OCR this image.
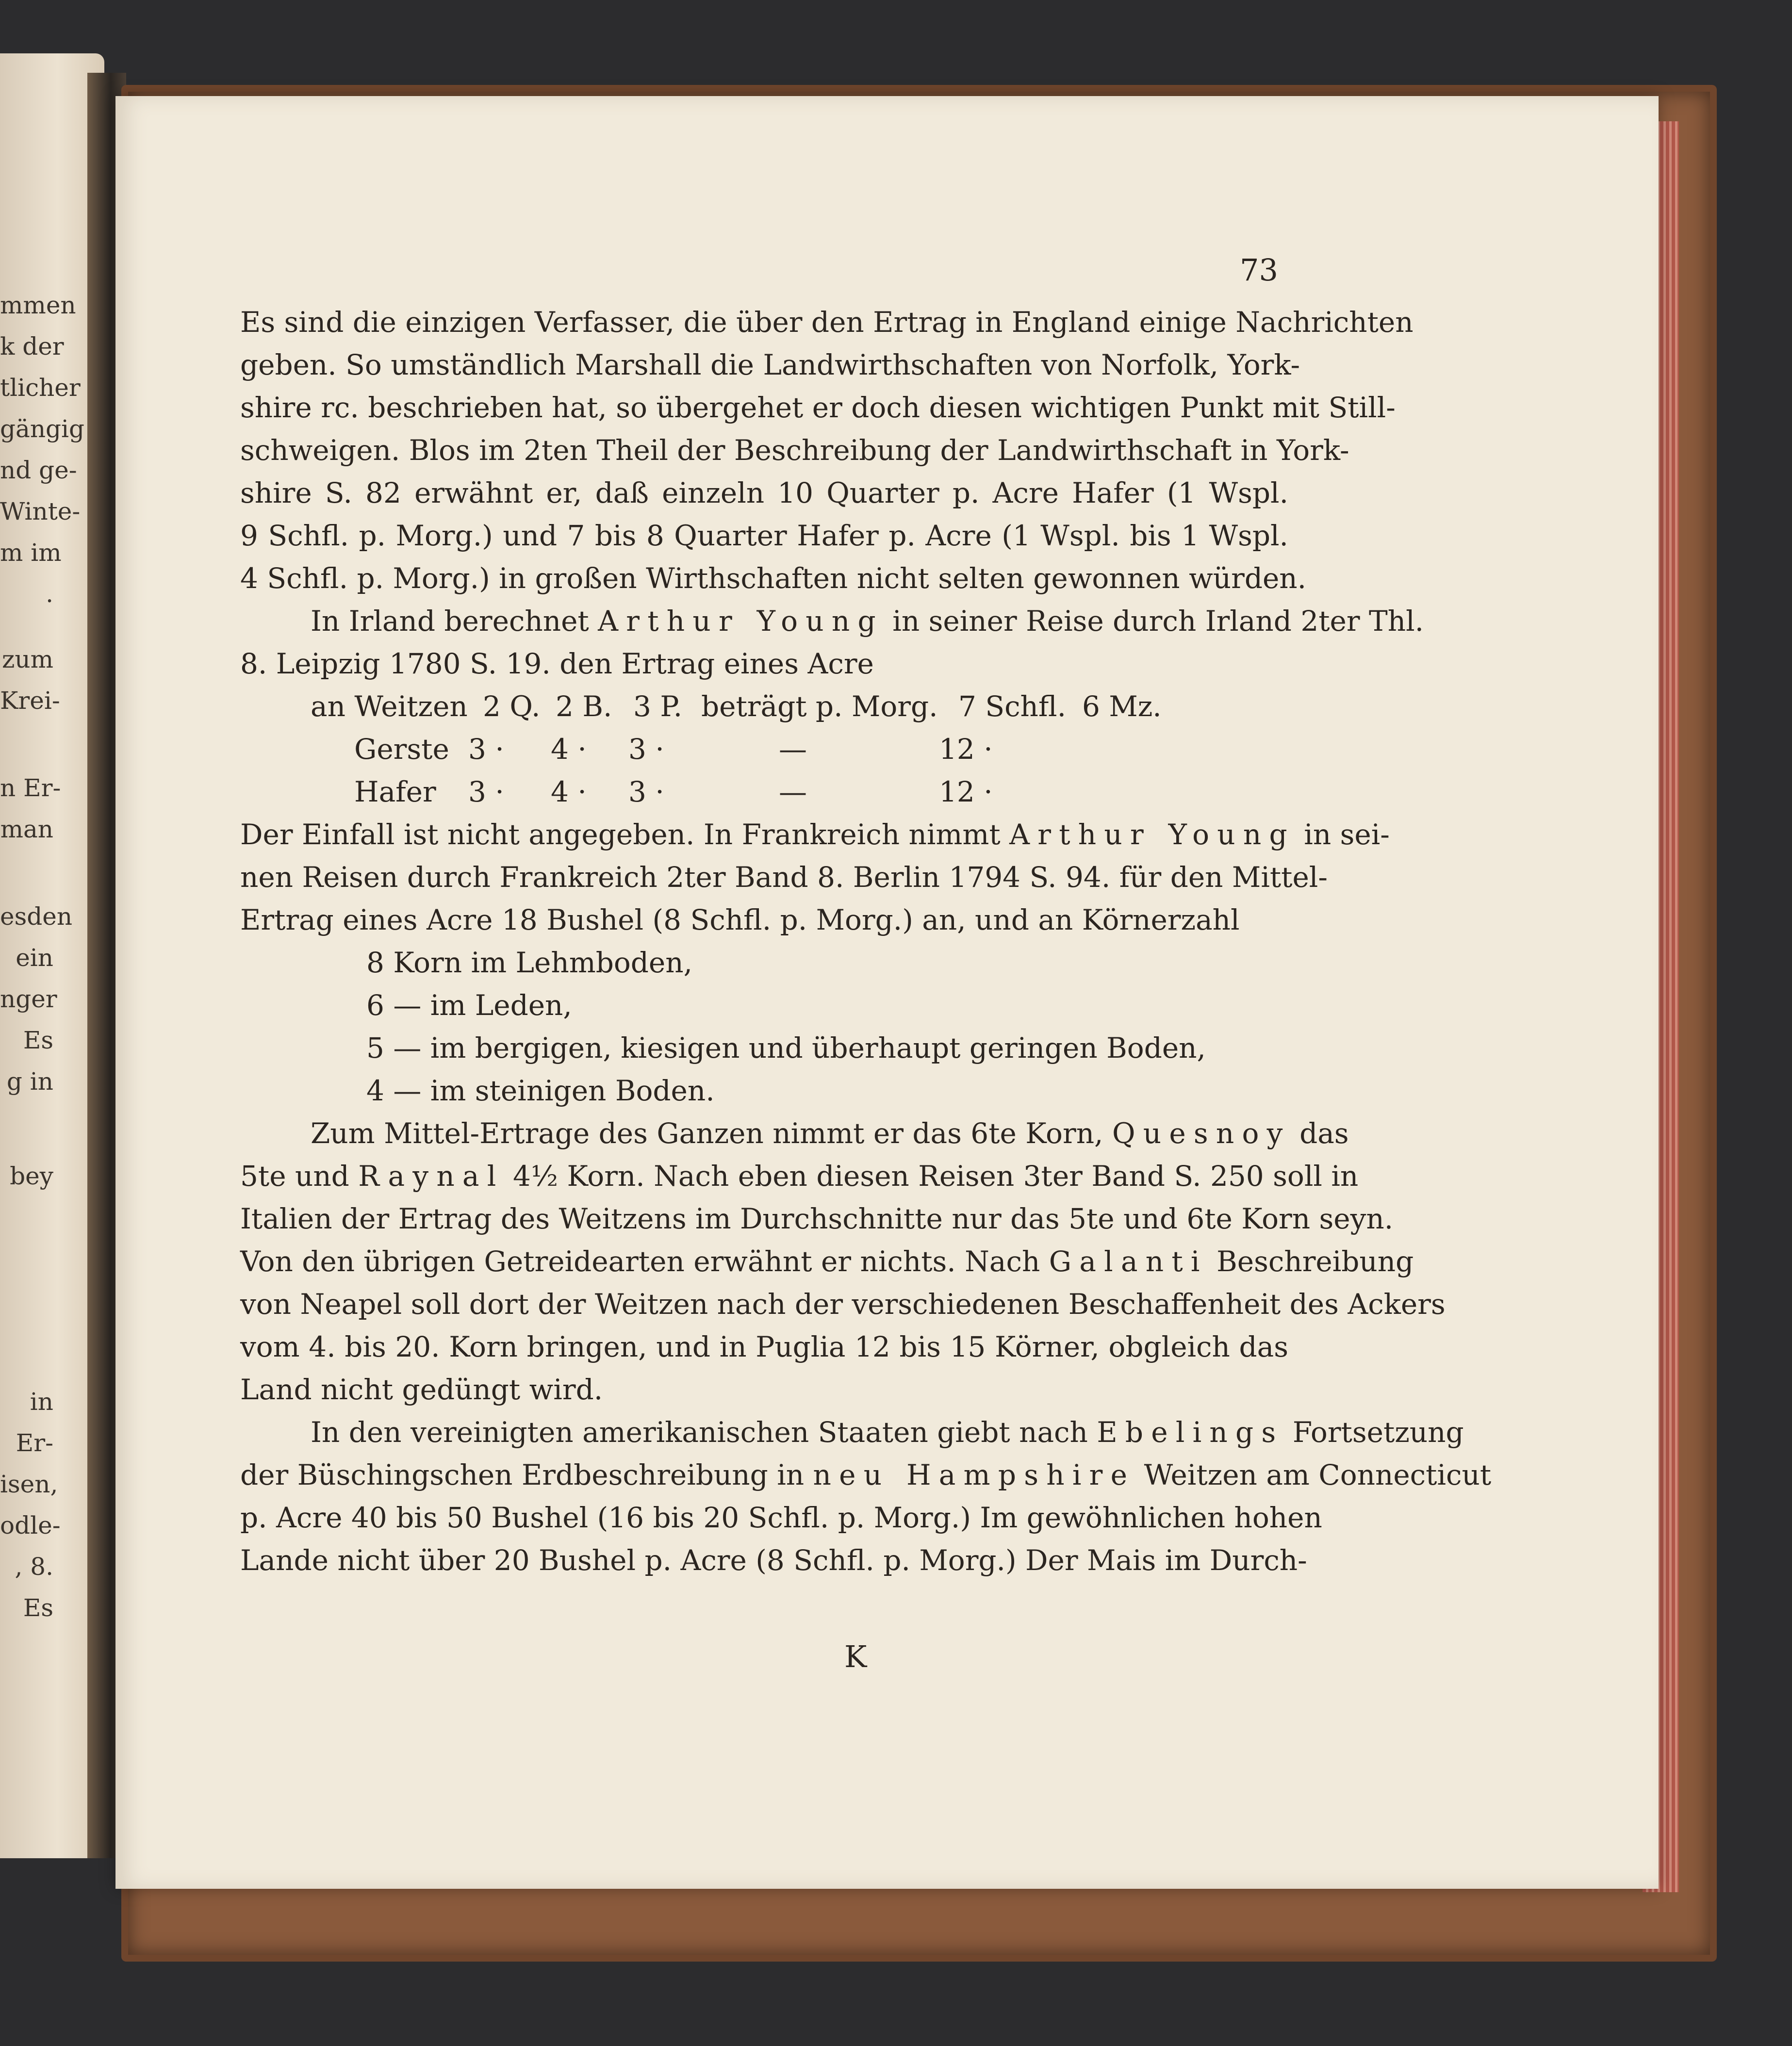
mmen
k der
tlicher
gängig
nd ge-
Winte-
m im
.
zum
Krei-
n Er-
man
esden
ein
nger
Es
g in
bey
in
Er-
isen,
odle-
, 8.
Es
73
Es sind die einzigen Verfasser, die über den Ertrag in England einige Nachrichten
geben. So umständlich Marshall die Landwirthschaften von Norfolk, York-
shire rc. beschrieben hat, so übergehet er doch diesen wichtigen Punkt mit Still-
schweigen. Blos im 2ten Theil der Beschreibung der Landwirthschaft in York-
shire S. 82 erwähnt er, daß einzeln 10 Quarter p. Acre Hafer (1 Wspl.
9 Schfl. p. Morg.) und 7 bis 8 Quarter Hafer p. Acre (1 Wspl. bis 1 Wspl.
4 Schfl. p. Morg.) in großen Wirthschaften nicht selten gewonnen würden.
In Irland berechnet Arthur Young in seiner Reise durch Irland 2ter Thl.
8. Leipzig 1780 S. 19. den Ertrag eines Acre
an Weitzen 2 Q. 2 B. 3 P. beträgt p. Morg. 7 Schfl. 6 Mz.
Gerste 3 · 4 · 3 ·	—	12 ·
Hafer 3 · 4 · 3 ·	—	12 ·
Der Einfall ist nicht angegeben. In Frankreich nimmt Arthur Young in sei-
nen Reisen durch Frankreich 2ter Band 8. Berlin 1794 S. 94. für den Mittel-
Ertrag eines Acre 18 Bushel (8 Schfl. p. Morg.) an, und an Körnerzahl
8 Korn im Lehmboden,
6 — im Leden,
5 — im bergigen, kiesigen und überhaupt geringen Boden,
4 — im steinigen Boden.
Zum Mittel-Ertrage des Ganzen nimmt er das 6te Korn, Quesnoy das
5te und Raynal 4½ Korn. Nach eben diesen Reisen 3ter Band S. 250 soll in
Italien der Ertrag des Weitzens im Durchschnitte nur das 5te und 6te Korn seyn.
Von den übrigen Getreidearten erwähnt er nichts. Nach Galanti Beschreibung
von Neapel soll dort der Weitzen nach der verschiedenen Beschaffenheit des Ackers
vom 4. bis 20. Korn bringen, und in Puglia 12 bis 15 Körner, obgleich das
Land nicht gedüngt wird.
In den vereinigten amerikanischen Staaten giebt nach Ebelings Fortsetzung
der Büschingschen Erdbeschreibung in neu Hampshire Weitzen am Connecticut
p. Acre 40 bis 50 Bushel (16 bis 20 Schfl. p. Morg.) Im gewöhnlichen hohen
Lande nicht über 20 Bushel p. Acre (8 Schfl. p. Morg.) Der Mais im Durch-
K
